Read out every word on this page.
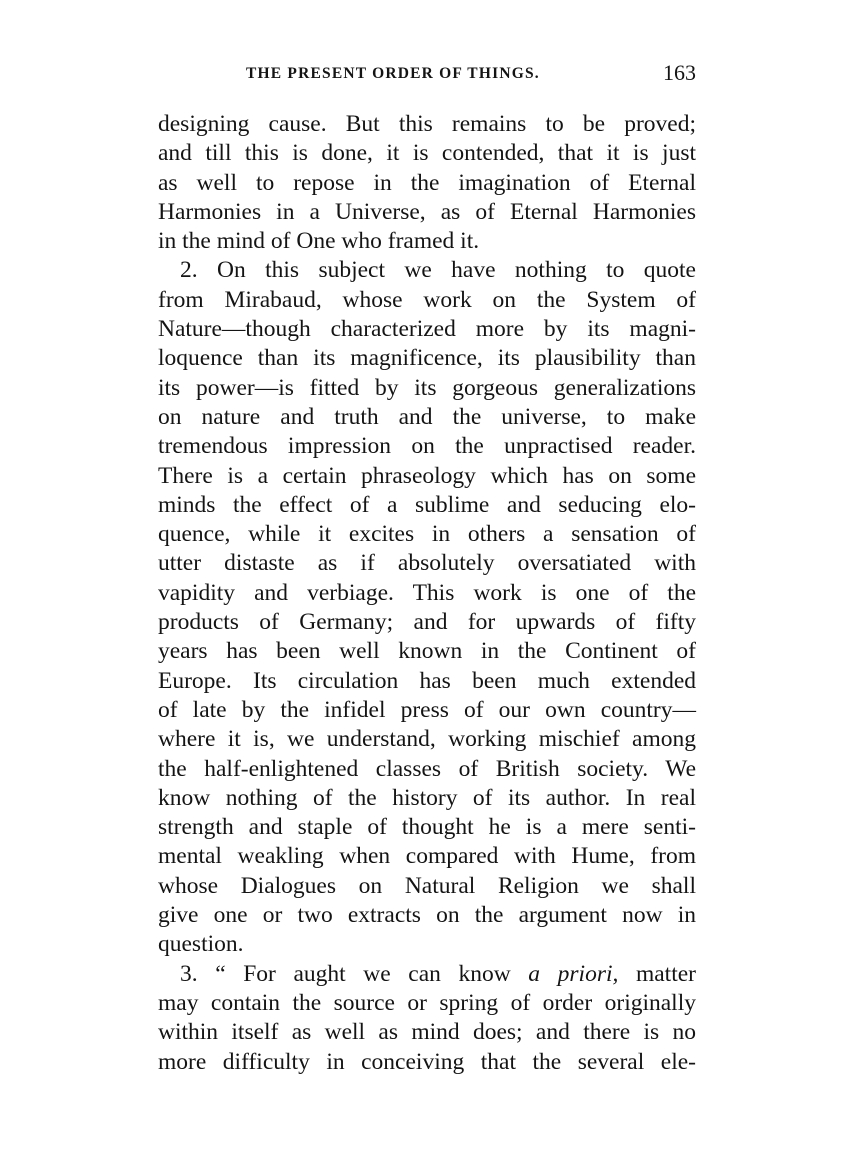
THE PRESENT ORDER OF THINGS.	163
designing cause. But this remains to be proved;
and till this is done, it is contended, that it is just
as well to repose in the imagination of Eternal
Harmonies in a Universe, as of Eternal Harmonies
in the mind of One who framed it.
2. On this subject we have nothing to quote
from Mirabaud, whose work on the System of
Nature—though characterized more by its magni-
loquence than its magnificence, its plausibility than
its power—is fitted by its gorgeous generalizations
on nature and truth and the universe, to make
tremendous impression on the unpractised reader.
There is a certain phraseology which has on some
minds the effect of a sublime and seducing elo-
quence, while it excites in others a sensation of
utter distaste as if absolutely oversatiated with
vapidity and verbiage. This work is one of the
products of Germany; and for upwards of fifty
years has been well known in the Continent of
Europe. Its circulation has been much extended
of late by the infidel press of our own country—
where it is, we understand, working mischief among
the half-enlightened classes of British society. We
know nothing of the history of its author. In real
strength and staple of thought he is a mere senti-
mental weakling when compared with Hume, from
whose Dialogues on Natural Religion we shall
give one or two extracts on the argument now in
question.
3. “ For aught we can know a priori, matter
may contain the source or spring of order originally
within itself as well as mind does; and there is no
more difficulty in conceiving that the several ele-
